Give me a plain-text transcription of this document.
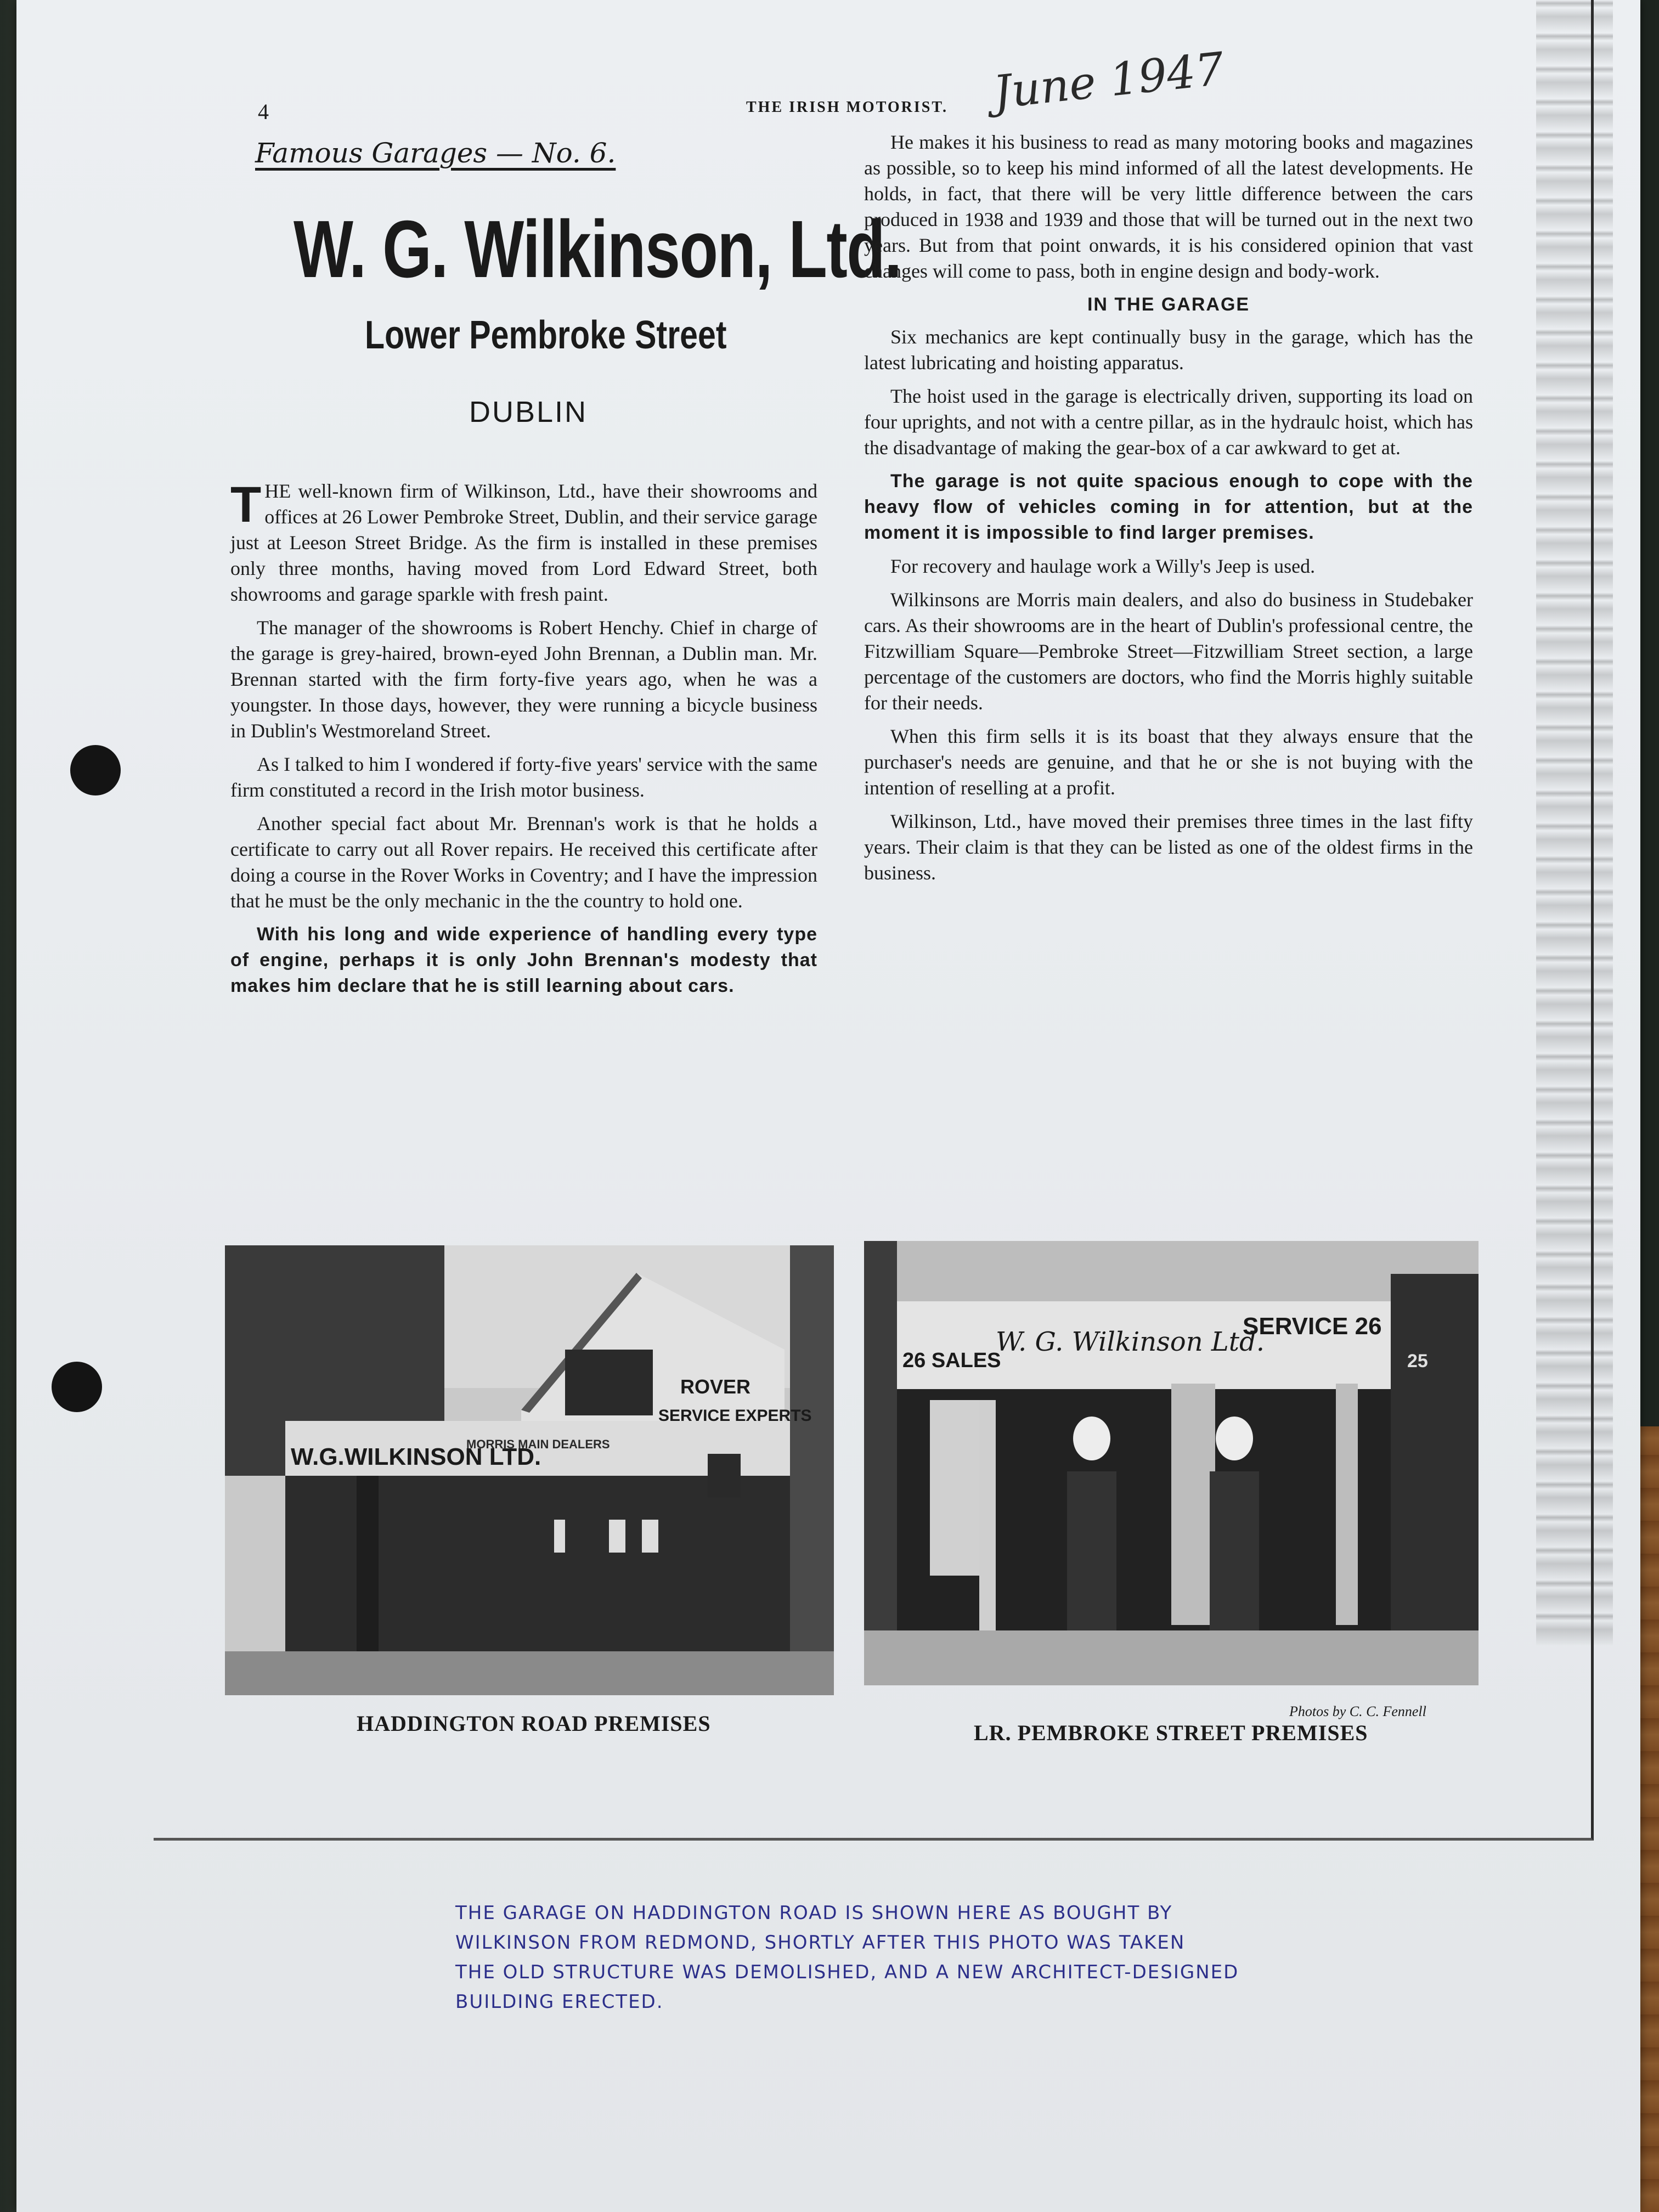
4	THE IRISH MOTORIST. June 1947
Famous Garages — No. 6.
W. G. Wilkinson, Ltd.
Lower Pembroke Street
DUBLIN

THE well-known firm of Wilkinson, Ltd., have their showrooms and offices at 26 Lower Pembroke Street, Dublin, and their service garage just at Leeson Street Bridge. As the firm is installed in these premises only three months, having moved from Lord Edward Street, both showrooms and garage sparkle with fresh paint.

The manager of the showrooms is Robert Henchy. Chief in charge of the garage is grey-haired, brown-eyed John Brennan, a Dublin man. Mr. Brennan started with the firm forty-five years ago, when he was a youngster. In those days, however, they were running a bicycle business in Dublin's Westmoreland Street.

As I talked to him I wondered if forty-five years' service with the same firm constituted a record in the Irish motor business.

Another special fact about Mr. Brennan's work is that he holds a certificate to carry out all Rover repairs. He received this certificate after doing a course in the Rover Works in Coventry; and I have the impression that he must be the only mechanic in the the country to hold one.

With his long and wide experience of handling every type of engine, perhaps it is only John Brennan's modesty that makes him declare that he is still learning about cars.

He makes it his business to read as many motoring books and magazines as possible, so to keep his mind informed of all the latest developments. He holds, in fact, that there will be very little difference between the cars produced in 1938 and 1939 and those that will be turned out in the next two years. But from that point onwards, it is his considered opinion that vast changes will come to pass, both in engine design and body-work.

IN THE GARAGE

Six mechanics are kept continually busy in the garage, which has the latest lubricating and hoisting apparatus.

The hoist used in the garage is electrically driven, supporting its load on four uprights, and not with a centre pillar, as in the hydraulc hoist, which has the disadvantage of making the gear-box of a car awkward to get at.

The garage is not quite spacious enough to cope with the heavy flow of vehicles coming in for attention, but at the moment it is impossible to find larger premises.

For recovery and haulage work a Willy's Jeep is used.

Wilkinsons are Morris main dealers, and also do business in Studebaker cars. As their showrooms are in the heart of Dublin's professional centre, the Fitzwilliam Square—Pembroke Street—Fitzwilliam Street section, a large percentage of the customers are doctors, who find the Morris highly suitable for their needs.

When this firm sells it is its boast that they always ensure that the purchaser's needs are genuine, and that he or she is not buying with the intention of reselling at a profit.

Wilkinson, Ltd., have moved their premises three times in the last fifty years. Their claim is that they can be listed as one of the oldest firms in the business.

W.G.WILKINSON LTD.
MORRIS MAIN DEALERS
ROVER
SERVICE EXPERTS
HADDINGTON ROAD PREMISES
26 SALES
W. G. Wilkinson Ltd.
SERVICE 26
25
Photos by C. C. Fennell
LR. PEMBROKE STREET PREMISES
THE GARAGE ON HADDINGTON ROAD IS SHOWN HERE AS BOUGHT BY
WILKINSON FROM REDMOND, SHORTLY AFTER THIS PHOTO WAS TAKEN
THE OLD STRUCTURE WAS DEMOLISHED, AND A NEW ARCHITECT-DESIGNED
BUILDING ERECTED.
